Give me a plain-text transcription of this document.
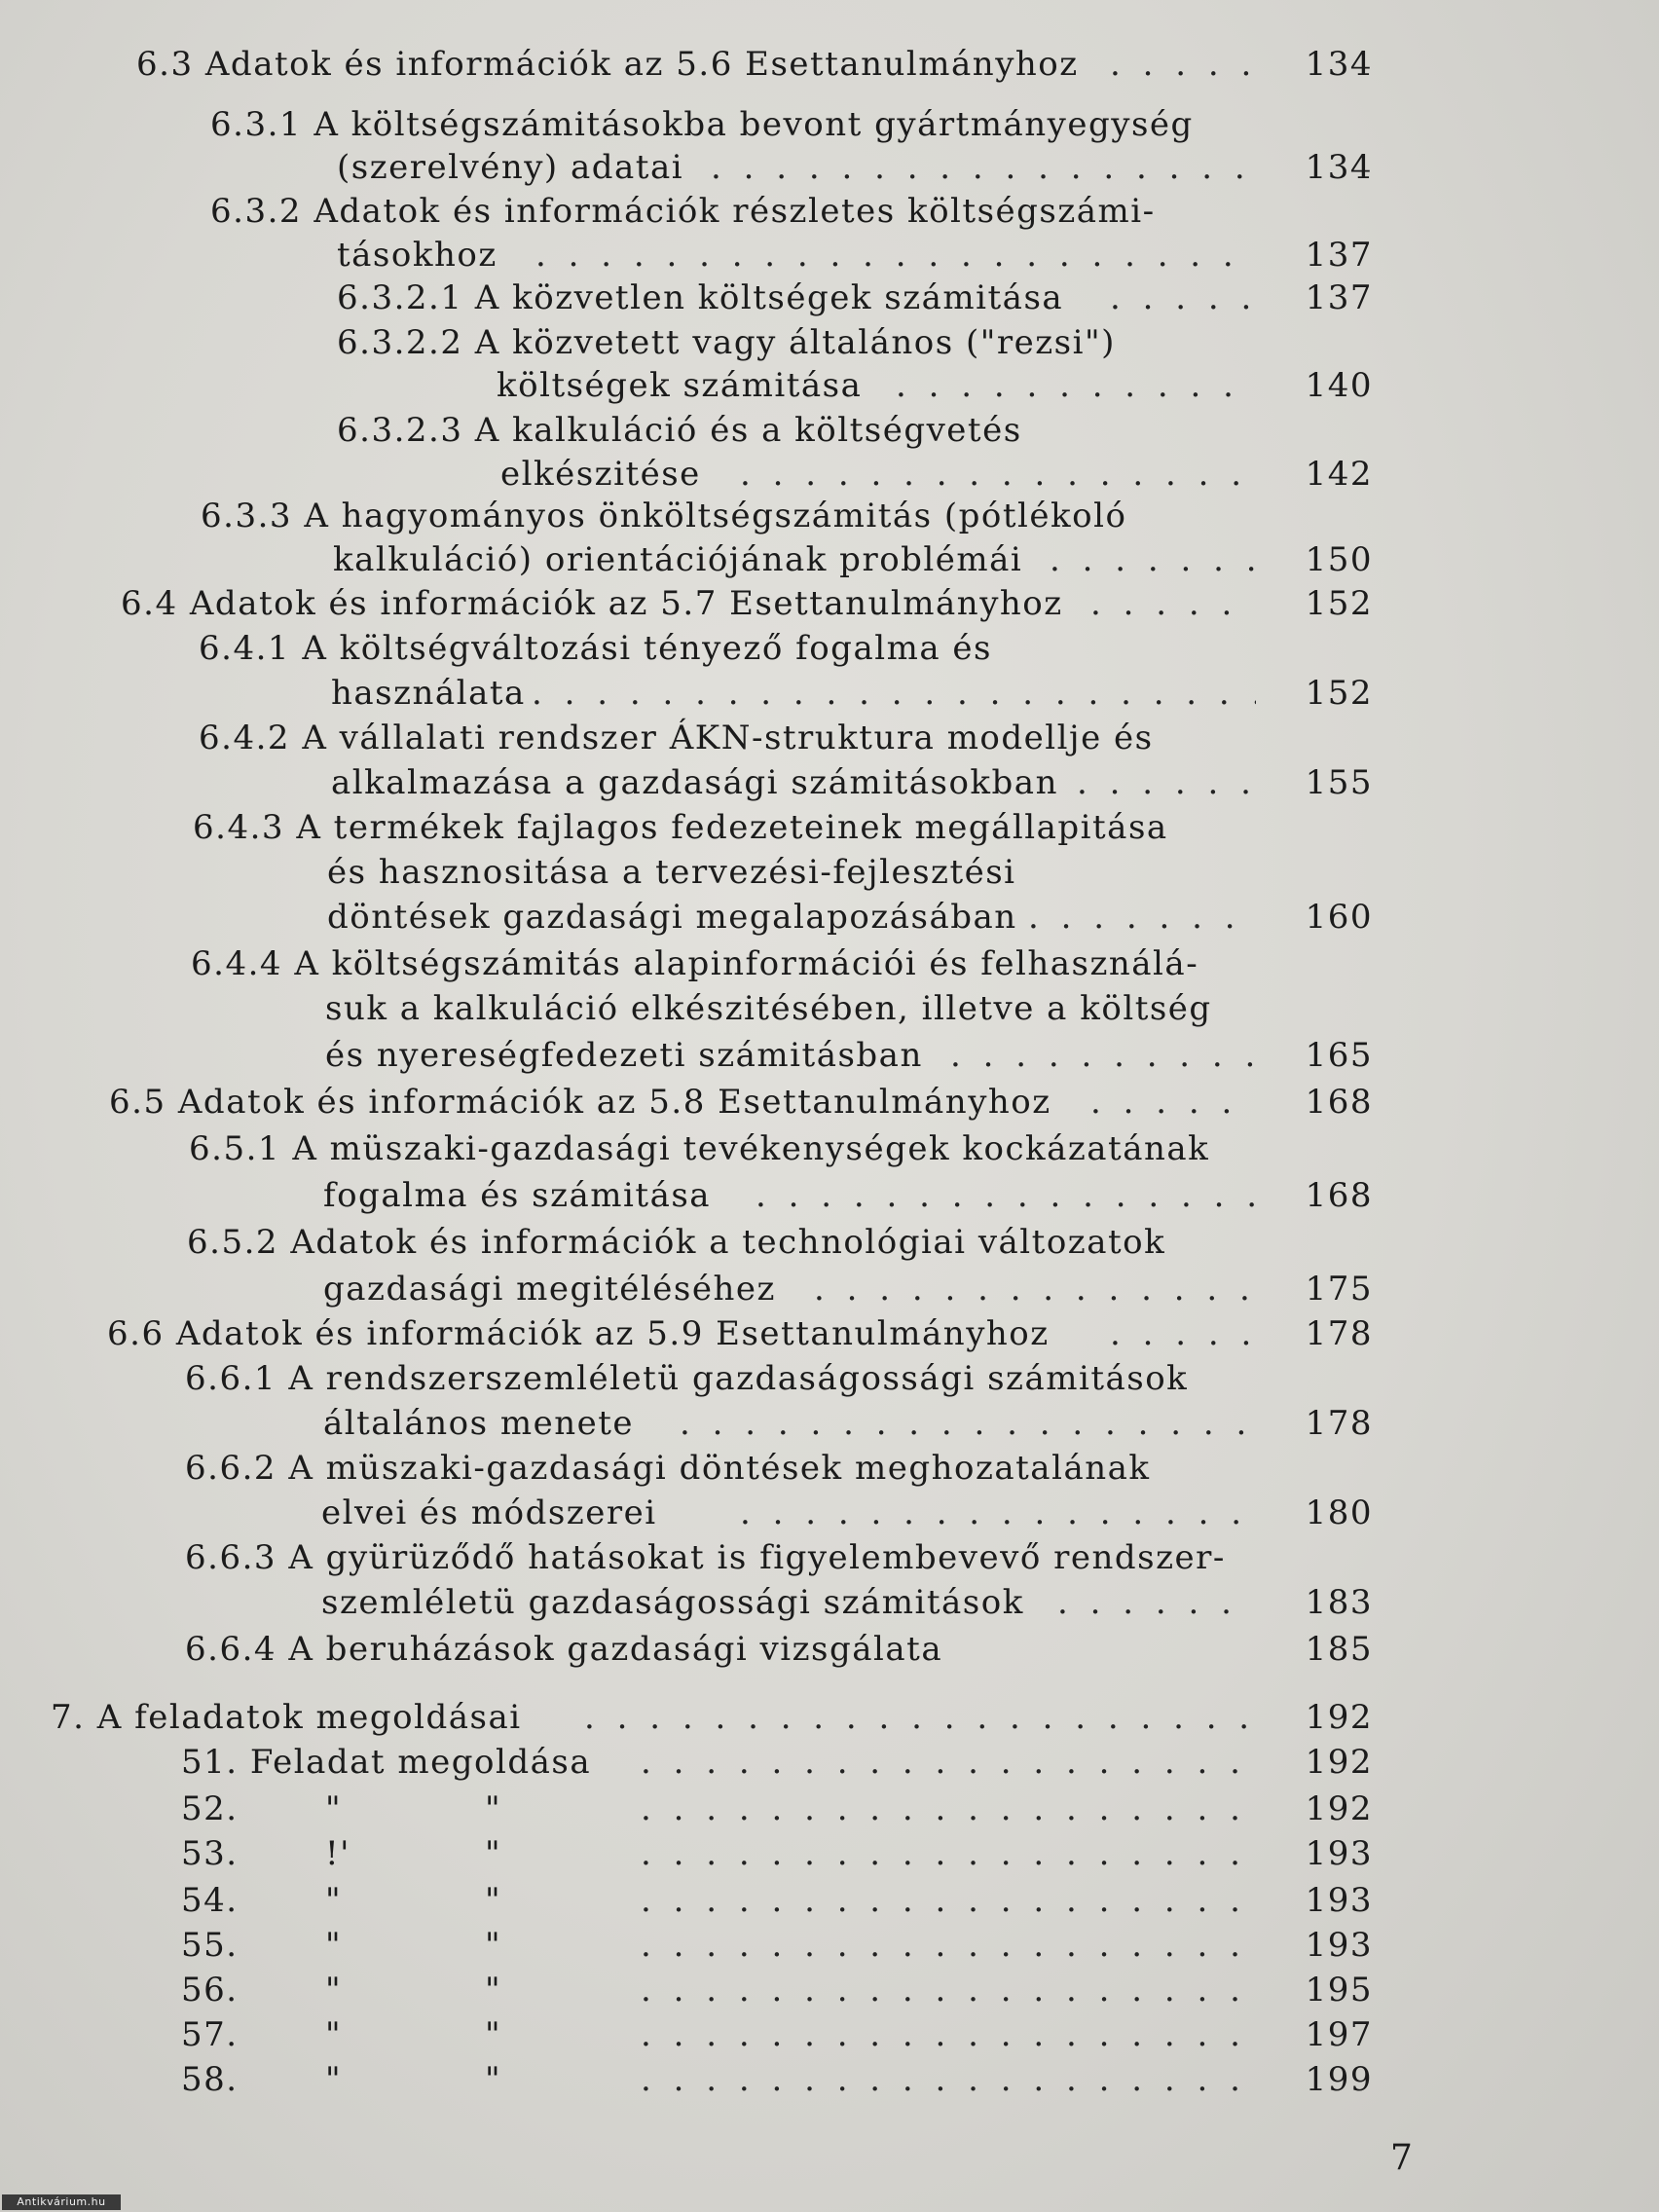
6.3 Adatok és információk az 5.6 Esettanulmányhoz . . .	134
6.3.1 A költségszámitásokba bevont gyártmányegység
(szerelvény) adatai . . .	134
6.3.2 Adatok és információk részletes költségszámi-
tásokhoz . . .	137
6.3.2.1 A közvetlen költségek számitása . . .	137
6.3.2.2 A közvetett vagy általános ("rezsi")
költségek számitása . . .	140
6.3.2.3 A kalkuláció és a költségvetés
elkészitése . . .	142
6.3.3 A hagyományos önköltségszámitás (pótlékoló
kalkuláció) orientációjának problémái . . .	150
6.4 Adatok és információk az 5.7 Esettanulmányhoz . . .	152
6.4.1 A költségváltozási tényező fogalma és
használata . . .	152
6.4.2 A vállalati rendszer ÁKN-struktura modellje és
alkalmazása a gazdasági számitásokban . . .	155
6.4.3 A termékek fajlagos fedezeteinek megállapitása
és hasznositása a tervezési-fejlesztési
döntések gazdasági megalapozásában . . .	160
6.4.4 A költségszámitás alapinformációi és felhasználá-
suk a kalkuláció elkészitésében, illetve a költség
és nyereségfedezeti számitásban . . .	165
6.5 Adatok és információk az 5.8 Esettanulmányhoz . . .	168
6.5.1 A müszaki-gazdasági tevékenységek kockázatának
fogalma és számitása . . .	168
6.5.2 Adatok és információk a technológiai változatok
gazdasági megitéléséhez . . .	175
6.6 Adatok és információk az 5.9 Esettanulmányhoz . . .	178
6.6.1 A rendszerszemléletü gazdaságossági számitások
általános menete . . .	178
6.6.2 A müszaki-gazdasági döntések meghozatalának
elvei és módszerei . . .	180
6.6.3 A gyürüződő hatásokat is figyelembevevő rendszer-
szemléletü gazdaságossági számitások . . .	183
6.6.4 A beruházások gazdasági vizsgálata	185
7. A feladatok megoldásai . . .	192
51. Feladat megoldása . . .	192
52.	"	" . . .	192
53.	!'	" . . .	193
54.	"	" . . .	193
55.	"	" . . .	193
56.	"	" . . .	195
57.	"	" . . .	197
58.	"	" . . .	199
7
Antikvárium.hu
